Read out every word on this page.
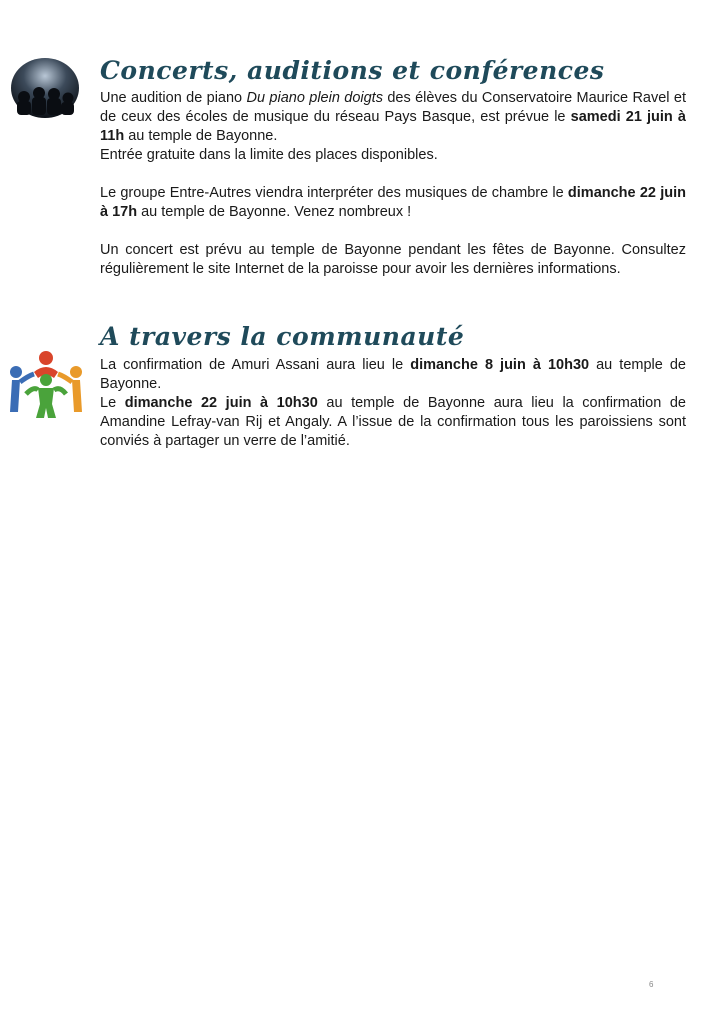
Concerts, auditions et conférences

Une audition de piano Du piano plein doigts des élèves du Conservatoire Maurice Ravel et de ceux des écoles de musique du réseau Pays Basque, est prévue le samedi 21 juin à 11h au temple de Bayonne.

Entrée gratuite dans la limite des places disponibles.

Le groupe Entre-Autres viendra interpréter des musiques de chambre le dimanche 22 juin à 17h au temple de Bayonne. Venez nombreux !

Un concert est prévu au temple de Bayonne pendant les fêtes de Bayonne. Consultez régulièrement le site Internet de la paroisse pour avoir les dernières informations.

A travers la communauté

La confirmation de Amuri Assani aura lieu le dimanche 8 juin à 10h30 au temple de Bayonne.

Le dimanche 22 juin à 10h30 au temple de Bayonne aura lieu la confirmation de Amandine Lefray-van Rij et Angaly. A l’issue de la confirmation tous les paroissiens sont conviés à partager un verre de l’amitié.

6
